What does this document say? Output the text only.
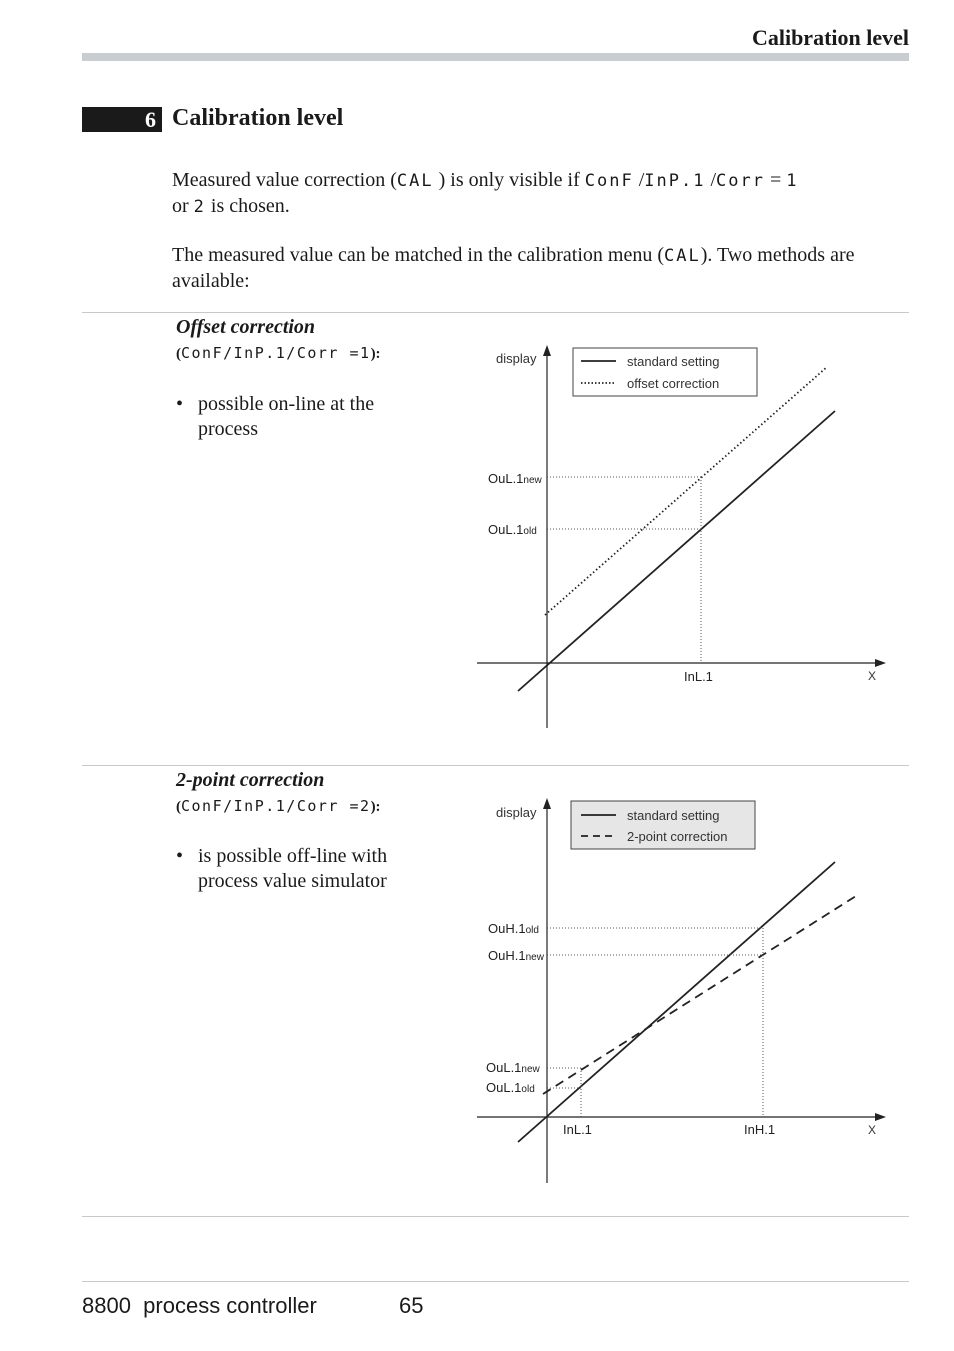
Calibration level
6 Calibration level
Measured value correction (CAL ) is only visible if ConF /InP.1 /Corr = 1
or 2 is chosen.
The measured value can be matched in the calibration menu (CAL). Two methods are available:
Offset correction
(ConF/InP.1/Corr =1):
• possible on-line at the process
display
X
standard setting
offset correction
OuL.1new
OuL.1old
InL.1
2-point correction
(ConF/InP.1/Corr =2):
• is possible off-line with process value simulator
display
X
standard setting
2-point correction
OuH.1old
OuH.1new
OuL.1new
OuL.1old
InL.1	InH.1
8800  process controller	65
